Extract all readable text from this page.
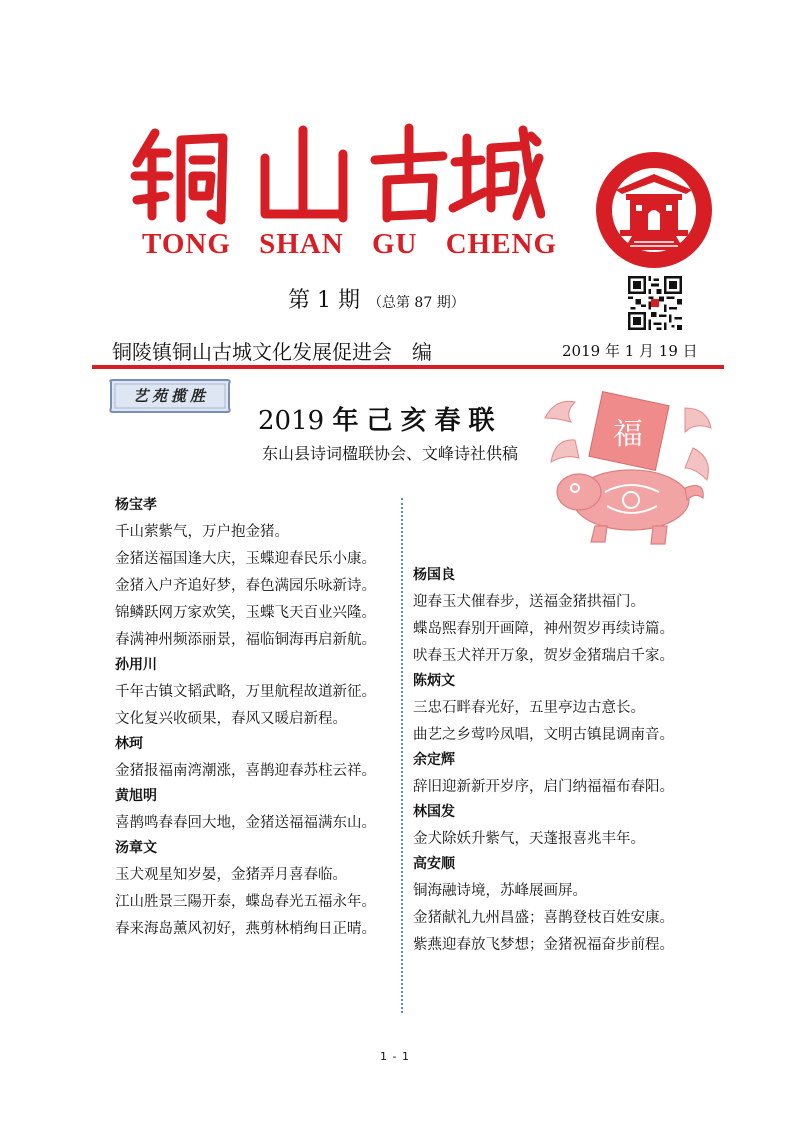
TONG SHAN GU CHENG
第 1 期 （总第 87 期）
铜陵镇铜山古城文化发展促进会　编	2019 年 1 月 19 日
艺苑揽胜
福
2019 年己亥春联
东山县诗词楹联协会、文峰诗社供稿
杨宝孝
千山萦紫气，万户抱金猪。
金猪送福国逢大庆，玉蝶迎春民乐小康。
金猪入户齐追好梦，春色满园乐咏新诗。
锦鳞跃网万家欢笑，玉蝶飞天百业兴隆。
春满神州频添丽景，福临铜海再启新航。
孙用川
千年古镇文韬武略，万里航程故道新征。
文化复兴收硕果，春风又暖启新程。
林珂
金猪报福南湾潮涨，喜鹊迎春苏柱云祥。
黄旭明
喜鹊鸣春春回大地，金猪送福福满东山。
汤章文
玉犬观星知岁晏，金猪弄月喜春临。
江山胜景三陽开泰，蝶岛春光五福永年。
春来海岛薰风初好，燕剪林梢绚日正晴。
杨国良
迎春玉犬催春步，送福金猪拱福门。
蝶岛熙春别开画障，神州贺岁再续诗篇。
吠春玉犬祥开万象，贺岁金猪瑞启千家。
陈炳文
三忠石畔春光好，五里亭边古意长。
曲艺之乡莺吟凤唱，文明古镇昆调南音。
余定辉
辞旧迎新新开岁序，启门纳福福布春阳。
林国发
金犬除妖升紫气，天蓬报喜兆丰年。
高安顺
铜海融诗境，苏峰展画屏。
金猪献礼九州昌盛；喜鹊登枝百姓安康。
紫燕迎春放飞梦想；金猪祝福奋步前程。
1 - 1
